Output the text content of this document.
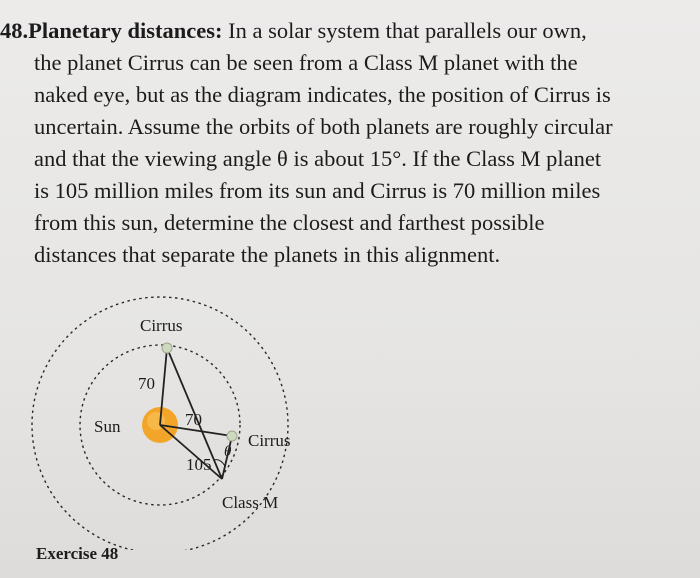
48.Planetary distances: In a solar system that parallels our own,
the planet Cirrus can be seen from a Class M planet with the
naked eye, but as the diagram indicates, the position of Cirrus is
uncertain. Assume the orbits of both planets are roughly circular
and that the viewing angle θ is about 15°. If the Class M planet
is 105 million miles from its sun and Cirrus is 70 million miles
from this sun, determine the closest and farthest possible
distances that separate the planets in this alignment.
Cirrus
Sun
70
70
105
θ
Cirrus
Class M
Exercise 48
